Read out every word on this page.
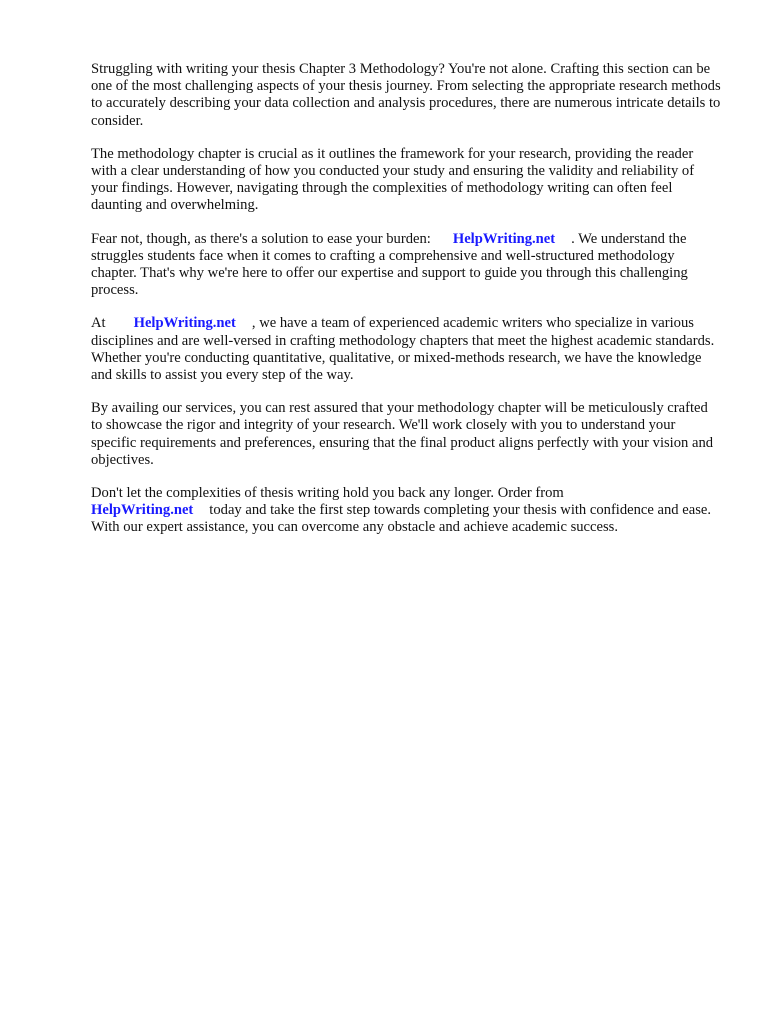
Struggling with writing your thesis Chapter 3 Methodology? You're not alone. Crafting this section can be one of the most challenging aspects of your thesis journey. From selecting the appropriate research methods to accurately describing your data collection and analysis procedures, there are numerous intricate details to consider.

The methodology chapter is crucial as it outlines the framework for your research, providing the reader with a clear understanding of how you conducted your study and ensuring the validity and reliability of your findings. However, navigating through the complexities of methodology writing can often feel daunting and overwhelming.

Fear not, though, as there's a solution to ease your burden: HelpWriting.net . We understand the struggles students face when it comes to crafting a comprehensive and well-structured methodology chapter. That's why we're here to offer our expertise and support to guide you through this challenging process.

At HelpWriting.net , we have a team of experienced academic writers who specialize in various disciplines and are well-versed in crafting methodology chapters that meet the highest academic standards. Whether you're conducting quantitative, qualitative, or mixed-methods research, we have the knowledge and skills to assist you every step of the way.

By availing our services, you can rest assured that your methodology chapter will be meticulously crafted to showcase the rigor and integrity of your research. We'll work closely with you to understand your specific requirements and preferences, ensuring that the final product aligns perfectly with your vision and objectives.

Don't let the complexities of thesis writing hold you back any longer. Order from
HelpWriting.net today and take the first step towards completing your thesis with confidence and ease. With our expert assistance, you can overcome any obstacle and achieve academic success.
